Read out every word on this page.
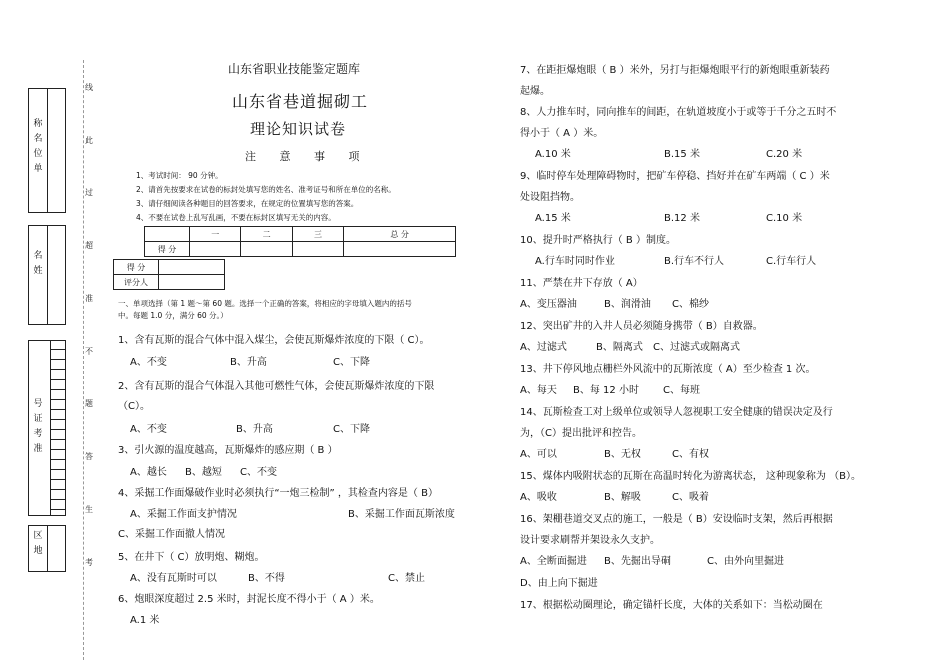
称
名
位
单
名
姓
号
证
考
准
区
地
线
此
过
超
准
不
题
答
生
考
山东省职业技能鉴定题库
山东省巷道掘砌工
理论知识试卷
注 意 事 项
1、考试时间： 90 分钟。
2、请首先按要求在试卷的标封处填写您的姓名、准考证号和所在单位的名称。
3、请仔细阅读各种题目的回答要求，在规定的位置填写您的答案。
4、不要在试卷上乱写乱画，不要在标封区填写无关的内容。
	一	二	三	总 分
得 分				
得 分	
评分人	
一、单项选择（第 1 题～第 60 题。选择一个正确的答案，将相应的字母填入题内的括号
中。每题 1.0 分，满分 60 分。）
1、含有瓦斯的混合气体中混入煤尘，会使瓦斯爆炸浓度的下限（ C）。
A、不变	B、升高	C、下降
2、含有瓦斯的混合气体混入其他可燃性气体，会使瓦斯爆炸浓度的下限
（C）。
A、不变	B、升高	C、下降
3、引火源的温度越高，瓦斯爆炸的感应期（ B ）
A、越长 B、越短 C、不变
4、采掘工作面爆破作业时必须执行“一炮三检制” ，其检查内容是（ B）
A、采掘工作面支护情况	B、采掘工作面瓦斯浓度
C、采掘工作面撤人情况
5、在井下（ C）放明炮、糊炮。
A、没有瓦斯时可以	B、不得	C、禁止
6、炮眼深度超过 2.5 米时，封泥长度不得小于（ A ）米。
A.1 米
7、在距拒爆炮眼（ B ）米外，另打与拒爆炮眼平行的新炮眼重新装药
起爆。
8、人力推车时，同向推车的间距，在轨道坡度小于或等于千分之五时不
得小于（ A ）米。
A.10 米	B.15 米	C.20 米
9、临时停车处理障碍物时，把矿车停稳、挡好并在矿车两端（ C ）米
处设阻挡物。
A.15 米	B.12 米	C.10 米
10、提升时严格执行（ B ）制度。
A.行车时同时作业	B.行车不行人	C.行车行人
11、严禁在井下存放（ A）
A、变压器油	B、润滑油 C、棉纱
12、突出矿井的入井人员必须随身携带（ B）自救器。
A、过滤式	B、隔离式 C、过滤式或隔离式
13、井下停风地点栅栏外风流中的瓦斯浓度（ A）至少检查 1 次。
A、每天 B、每 12 小时 C、每班
14、瓦斯检查工对上级单位或领导人忽视职工安全健康的错误决定及行
为，（C）提出批评和控告。
A、可以	B、无权	C、有权
15、煤体内吸附状态的瓦斯在高温时转化为游离状态， 这种现象称为 （B）。
A、吸收	B、解吸	C、吸着
16、架棚巷道交叉点的施工，一般是（ B）安设临时支架，然后再根据
设计要求刷帮并架设永久支护。
A、全断面掘进 B、先掘出导硐	C、由外向里掘进
D、由上向下掘进
17、根据松动圈理论，确定锚杆长度，大体的关系如下：当松动圈在
